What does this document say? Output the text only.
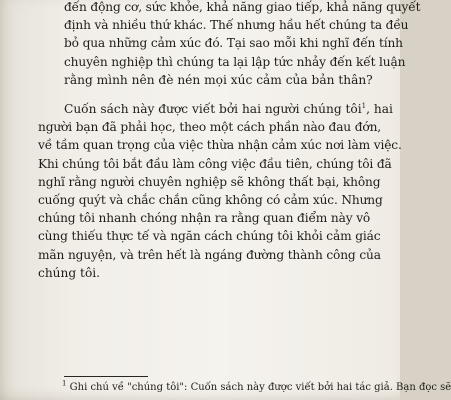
đến động cơ, sức khỏe, khả năng giao tiếp, khả năng quyết
định và nhiều thứ khác. Thế nhưng hầu hết chúng ta đều
bỏ qua những cảm xúc đó. Tại sao mỗi khi nghĩ đến tính
chuyên nghiệp thì chúng ta lại lập tức nhảy đến kết luận
rằng mình nên đè nén mọi xúc cảm của bản thân?
Cuốn sách này được viết bởi hai người chúng tôi$^1$, hai
người bạn đã phải học, theo một cách phần nào đau đớn,
về tầm quan trọng của việc thừa nhận cảm xúc nơi làm việc.
Khi chúng tôi bắt đầu làm công việc đầu tiên, chúng tôi đã
nghĩ rằng người chuyên nghiệp sẽ không thất bại, không
cuống quýt và chắc chắn cũng không có cảm xúc. Nhưng
chúng tôi nhanh chóng nhận ra rằng quan điểm này vô
cùng thiếu thực tế và ngăn cách chúng tôi khỏi cảm giác
mãn nguyện, và trên hết là ngáng đường thành công của
chúng tôi.
$^1$ Ghi chú về "chúng tôi": Cuốn sách này được viết bởi hai tác giả. Bạn đọc sẽ
